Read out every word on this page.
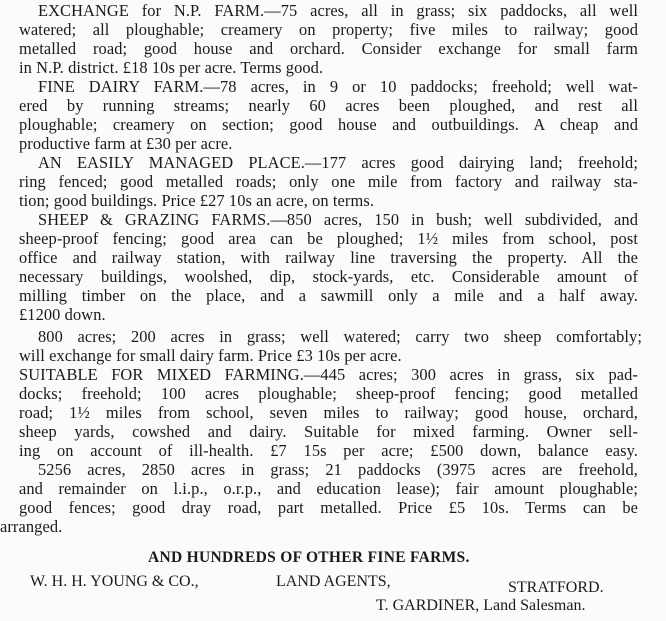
EXCHANGE for N.P. FARM.—75 acres, all in grass; six paddocks, all well
watered; all ploughable; creamery on property; five miles to railway; good
metalled road; good house and orchard. Consider exchange for small farm
in N.P. district. £18 10s per acre. Terms good.
FINE DAIRY FARM.—78 acres, in 9 or 10 paddocks; freehold; well wat-
ered by running streams; nearly 60 acres been ploughed, and rest all
ploughable; creamery on section; good house and outbuildings. A cheap and
productive farm at £30 per acre.
AN EASILY MANAGED PLACE.—177 acres good dairying land; freehold;
ring fenced; good metalled roads; only one mile from factory and railway sta-
tion; good buildings. Price £27 10s an acre, on terms.
SHEEP & GRAZING FARMS.—850 acres, 150 in bush; well subdivided, and
sheep-proof fencing; good area can be ploughed; 1½ miles from school, post
office and railway station, with railway line traversing the property. All the
necessary buildings, woolshed, dip, stock-yards, etc. Considerable amount of
milling timber on the place, and a sawmill only a mile and a half away.
£1200 down.
800 acres; 200 acres in grass; well watered; carry two sheep comfortably;
will exchange for small dairy farm. Price £3 10s per acre.
SUITABLE FOR MIXED FARMING.—445 acres; 300 acres in grass, six pad-
docks; freehold; 100 acres ploughable; sheep-proof fencing; good metalled
road; 1½ miles from school, seven miles to railway; good house, orchard,
sheep yards, cowshed and dairy. Suitable for mixed farming. Owner sell-
ing on account of ill-health. £7 15s per acre; £500 down, balance easy.
5256 acres, 2850 acres in grass; 21 paddocks (3975 acres are freehold,
and remainder on l.i.p., o.r.p., and education lease); fair amount ploughable;
good fences; good dray road, part metalled. Price £5 10s. Terms can be
arranged.
AND HUNDREDS OF OTHER FINE FARMS.
W. H. H. YOUNG & CO.,	LAND AGENTS,	STRATFORD.
T. GARDINER, Land Salesman.
